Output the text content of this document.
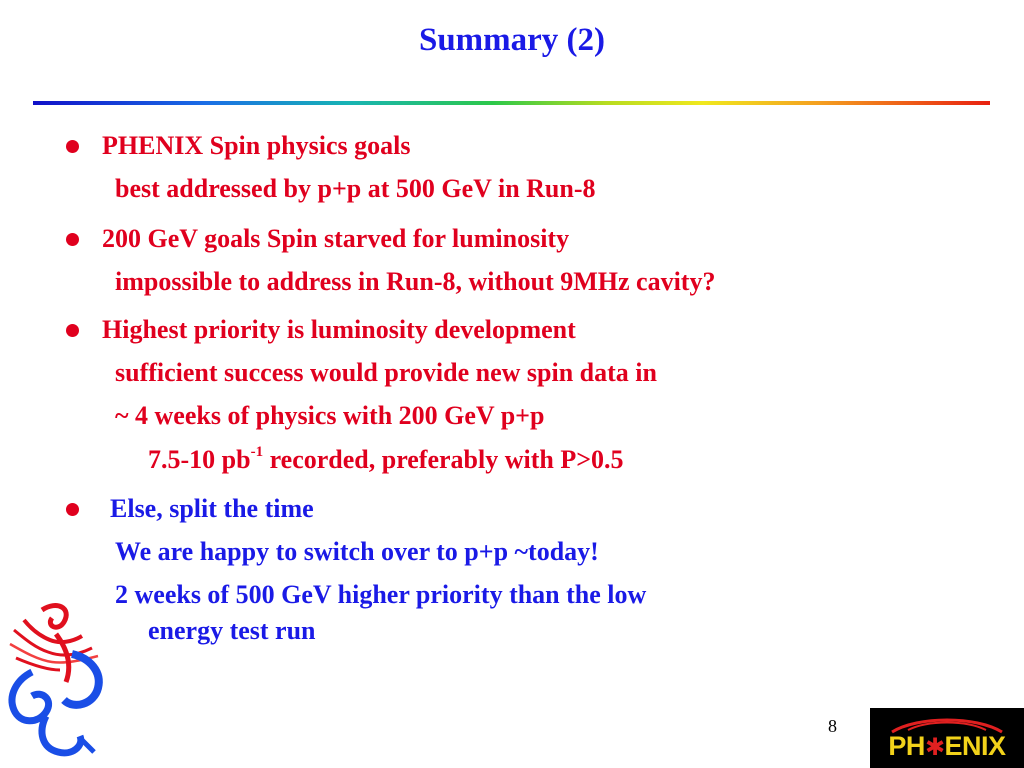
Summary (2)
PHENIX Spin physics goals
best addressed by p+p at 500 GeV in Run-8
200 GeV goals Spin starved for luminosity
impossible to address in Run-8, without 9MHz cavity?
Highest priority is luminosity development
sufficient success would provide new spin data in
~ 4 weeks of physics with 200 GeV p+p
7.5-10 $pb^{-1}$ recorded, preferably with P>0.5
Else, split the time
We are happy to switch over to p+p ~today!
2 weeks of 500 GeV higher priority than the low
energy test run
8
PH✱ENIX
